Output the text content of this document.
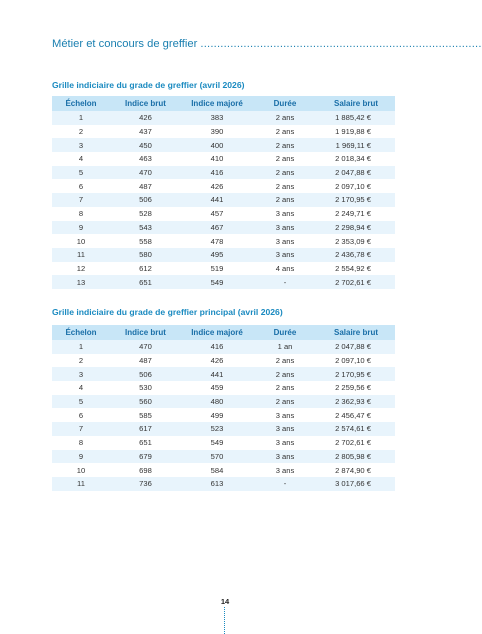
Métier et concours de greffier .....................................................................................
Grille indiciaire du grade de greffier (avril 2026)
Échelon	Indice brut	Indice majoré	Durée	Salaire brut
1	426	383	2 ans	1 885,42 €
2	437	390	2 ans	1 919,88 €
3	450	400	2 ans	1 969,11 €
4	463	410	2 ans	2 018,34 €
5	470	416	2 ans	2 047,88 €
6	487	426	2 ans	2 097,10 €
7	506	441	2 ans	2 170,95 €
8	528	457	3 ans	2 249,71 €
9	543	467	3 ans	2 298,94 €
10	558	478	3 ans	2 353,09 €
11	580	495	3 ans	2 436,78 €
12	612	519	4 ans	2 554,92 €
13	651	549	-	2 702,61 €
Grille indiciaire du grade de greffier principal (avril 2026)
Échelon	Indice brut	Indice majoré	Durée	Salaire brut
1	470	416	1 an	2 047,88 €
2	487	426	2 ans	2 097,10 €
3	506	441	2 ans	2 170,95 €
4	530	459	2 ans	2 259,56 €
5	560	480	2 ans	2 362,93 €
6	585	499	3 ans	2 456,47 €
7	617	523	3 ans	2 574,61 €
8	651	549	3 ans	2 702,61 €
9	679	570	3 ans	2 805,98 €
10	698	584	3 ans	2 874,90 €
11	736	613	-	3 017,66 €
14
